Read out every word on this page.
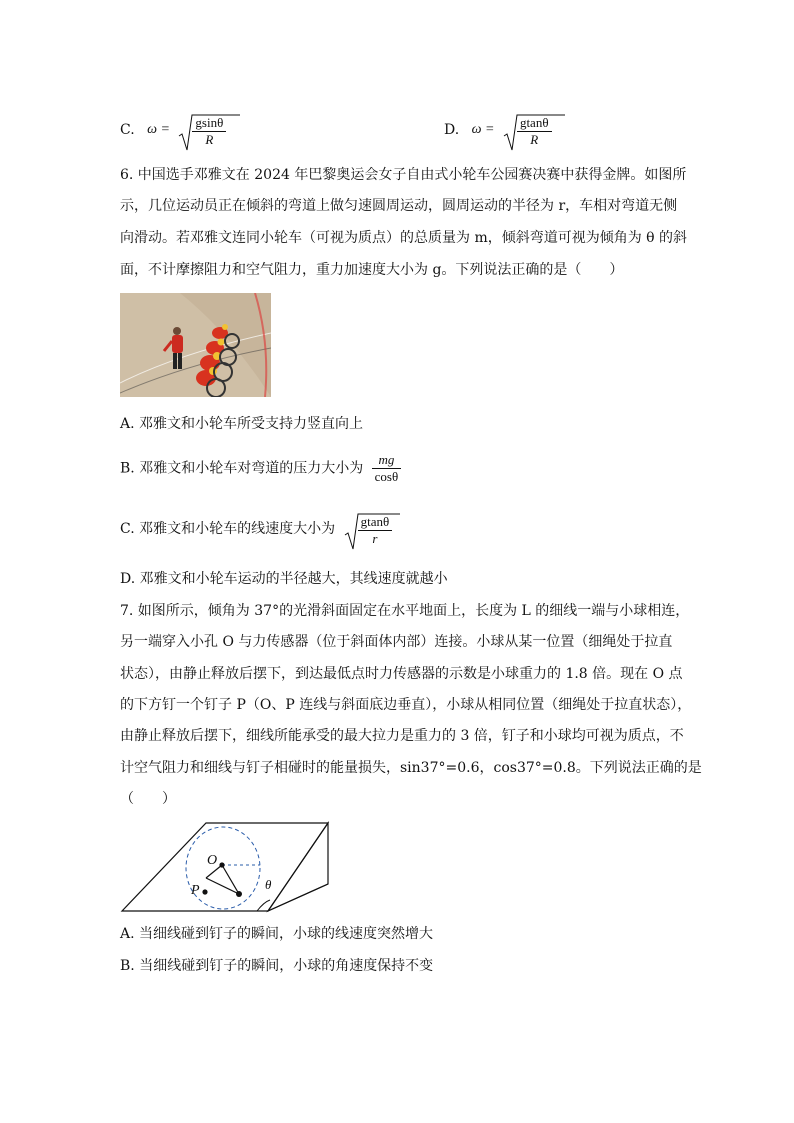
C. $\omega = \frac{gsin\theta}{R}$	D. $\omega = \frac{gtan\theta}{R}$
6. 中国选手邓雅文在 2024 年巴黎奥运会女子自由式小轮车公园赛决赛中获得金牌。如图所
示，几位运动员正在倾斜的弯道上做匀速圆周运动，圆周运动的半径为 r，车相对弯道无侧
向滑动。若邓雅文连同小轮车（可视为质点）的总质量为 m，倾斜弯道可视为倾角为 θ 的斜
面，不计摩擦阻力和空气阻力，重力加速度大小为 g。下列说法正确的是（　　）
A. 邓雅文和小轮车所受支持力竖直向上
B. 邓雅文和小轮车对弯道的压力大小为 $\frac{mg}{\cos\theta}$
C. 邓雅文和小轮车的线速度大小为 $\frac{gtan\theta}{r}$
D. 邓雅文和小轮车运动的半径越大，其线速度就越小
7. 如图所示，倾角为 37°的光滑斜面固定在水平地面上，长度为 L 的细线一端与小球相连，
另一端穿入小孔 O 与力传感器（位于斜面体内部）连接。小球从某一位置（细绳处于拉直
状态），由静止释放后摆下，到达最低点时力传感器的示数是小球重力的 1.8 倍。现在 O 点
的下方钉一个钉子 P（O、P 连线与斜面底边垂直），小球从相同位置（细绳处于拉直状态），
由静止释放后摆下，细线所能承受的最大拉力是重力的 3 倍，钉子和小球均可视为质点，不
计空气阻力和细线与钉子相碰时的能量损失，sin37°=0.6，cos37°=0.8。下列说法正确的是
（　　）
O
P	θ
A. 当细线碰到钉子的瞬间，小球的线速度突然增大
B. 当细线碰到钉子的瞬间，小球的角速度保持不变
